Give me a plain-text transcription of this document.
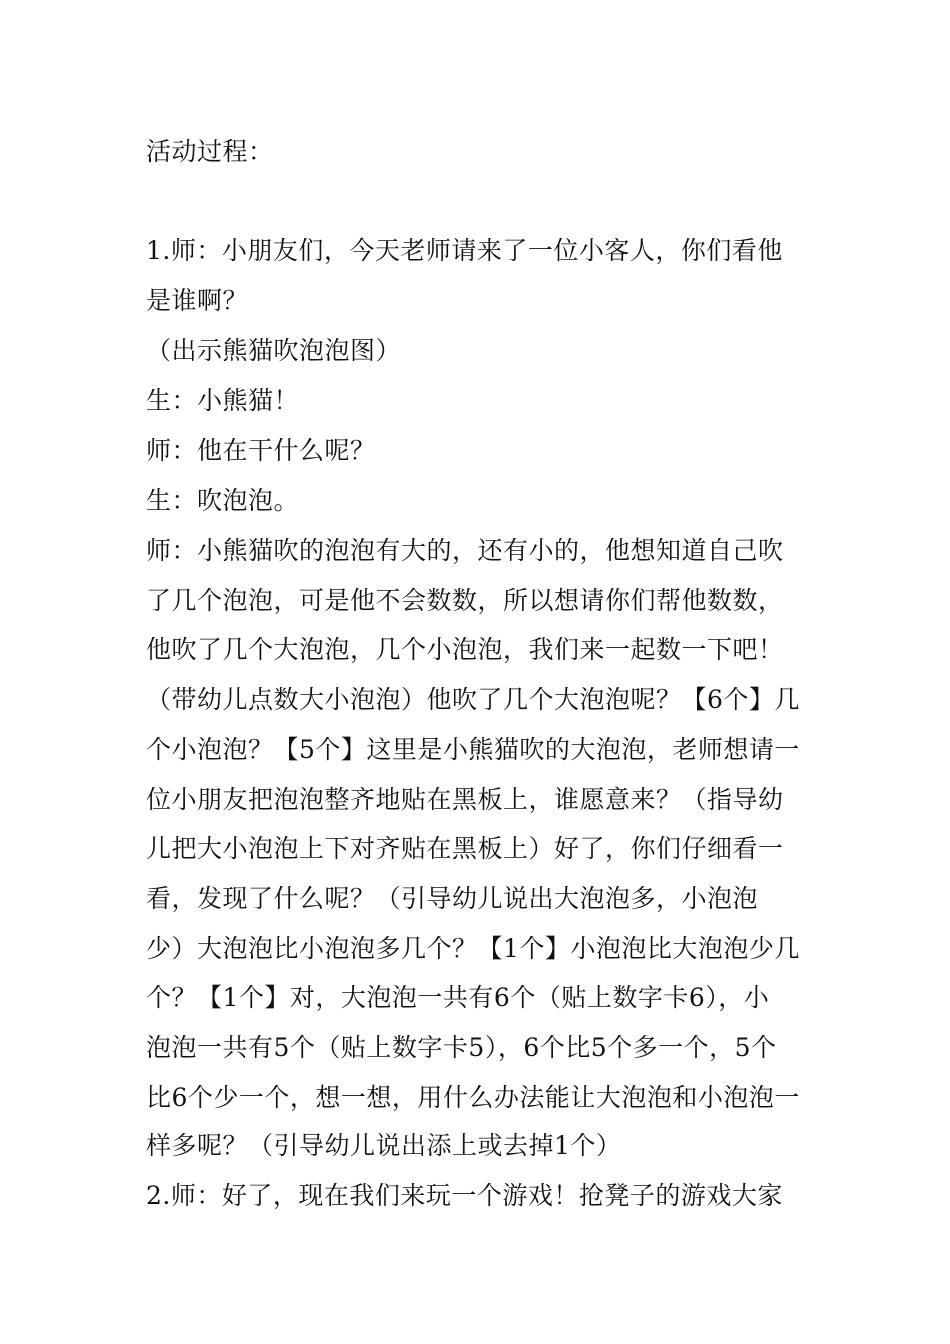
活动过程：
1.师：小朋友们，今天老师请来了一位小客人，你们看他
是谁啊？
（出示熊猫吹泡泡图）
生：小熊猫！
师：他在干什么呢？
生：吹泡泡。
师：小熊猫吹的泡泡有大的，还有小的，他想知道自己吹
了几个泡泡，可是他不会数数，所以想请你们帮他数数，
他吹了几个大泡泡，几个小泡泡，我们来一起数一下吧！
（带幼儿点数大小泡泡）他吹了几个大泡泡呢？【6个】几
个小泡泡？【5个】这里是小熊猫吹的大泡泡，老师想请一
位小朋友把泡泡整齐地贴在黑板上，谁愿意来？（指导幼
儿把大小泡泡上下对齐贴在黑板上）好了，你们仔细看一
看，发现了什么呢？（引导幼儿说出大泡泡多，小泡泡
少）大泡泡比小泡泡多几个？【1个】小泡泡比大泡泡少几
个？【1个】对，大泡泡一共有6个（贴上数字卡6），小
泡泡一共有5个（贴上数字卡5），6个比5个多一个，5个
比6个少一个，想一想，用什么办法能让大泡泡和小泡泡一
样多呢？（引导幼儿说出添上或去掉1个）
2.师：好了，现在我们来玩一个游戏！抢凳子的游戏大家
